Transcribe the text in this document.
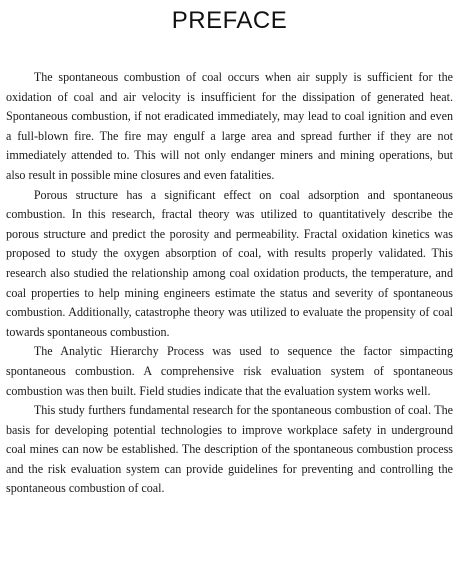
PREFACE

The spontaneous combustion of coal occurs when air supply is sufficient for the oxidation of coal and air velocity is insufficient for the dissipation of generated heat. Spontaneous combustion, if not eradicated immediately, may lead to coal ignition and even a full-blown fire. The fire may engulf a large area and spread further if they are not immediately attended to. This will not only endanger miners and mining operations, but also result in possible mine closures and even fatalities.

Porous structure has a significant effect on coal adsorption and spontaneous combustion. In this research, fractal theory was utilized to quantitatively describe the porous structure and predict the porosity and permeability. Fractal oxidation kinetics was proposed to study the oxygen absorption of coal, with results properly validated. This research also studied the relationship among coal oxidation products, the temperature, and coal properties to help mining engineers estimate the status and severity of spontaneous combustion. Additionally, catastrophe theory was utilized to evaluate the propensity of coal towards spontaneous combustion.

The Analytic Hierarchy Process was used to sequence the factor simpacting spontaneous combustion. A comprehensive risk evaluation system of spontaneous combustion was then built. Field studies indicate that the evaluation system works well.

This study furthers fundamental research for the spontaneous combustion of coal. The basis for developing potential technologies to improve workplace safety in underground coal mines can now be established. The description of the spontaneous combustion process and the risk evaluation system can provide guidelines for preventing and controlling the spontaneous combustion of coal.
